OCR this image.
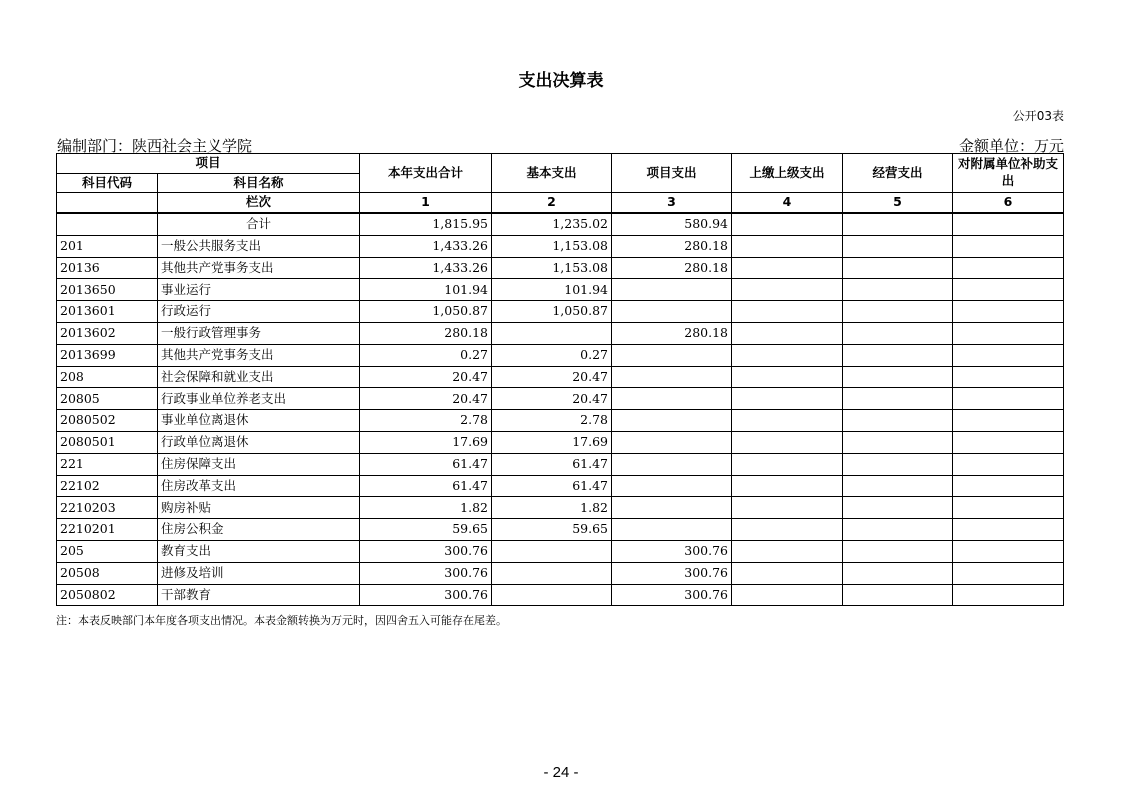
支出决算表
公开03表
编制部门：陕西社会主义学院	金额单位：万元
项目		本年支出合计	基本支出	项目支出	上缴上级支出	经营支出	对附属单位补助支出
科目代码	科目名称						
	栏次	1	2	3	4	5	6
	合计	1,815.95	1,235.02	580.94			
201	一般公共服务支出	1,433.26	1,153.08	280.18			
20136	其他共产党事务支出	1,433.26	1,153.08	280.18			
2013650	事业运行	101.94	101.94				
2013601	行政运行	1,050.87	1,050.87				
2013602	一般行政管理事务	280.18		280.18			
2013699	其他共产党事务支出	0.27	0.27				
208	社会保障和就业支出	20.47	20.47				
20805	行政事业单位养老支出	20.47	20.47				
2080502	事业单位离退休	2.78	2.78				
2080501	行政单位离退休	17.69	17.69				
221	住房保障支出	61.47	61.47				
22102	住房改革支出	61.47	61.47				
2210203	购房补贴	1.82	1.82				
2210201	住房公积金	59.65	59.65				
205	教育支出	300.76		300.76			
20508	进修及培训	300.76		300.76			
2050802	干部教育	300.76		300.76			
注：本表反映部门本年度各项支出情况。本表金额转换为万元时，因四舍五入可能存在尾差。
- 24 -
